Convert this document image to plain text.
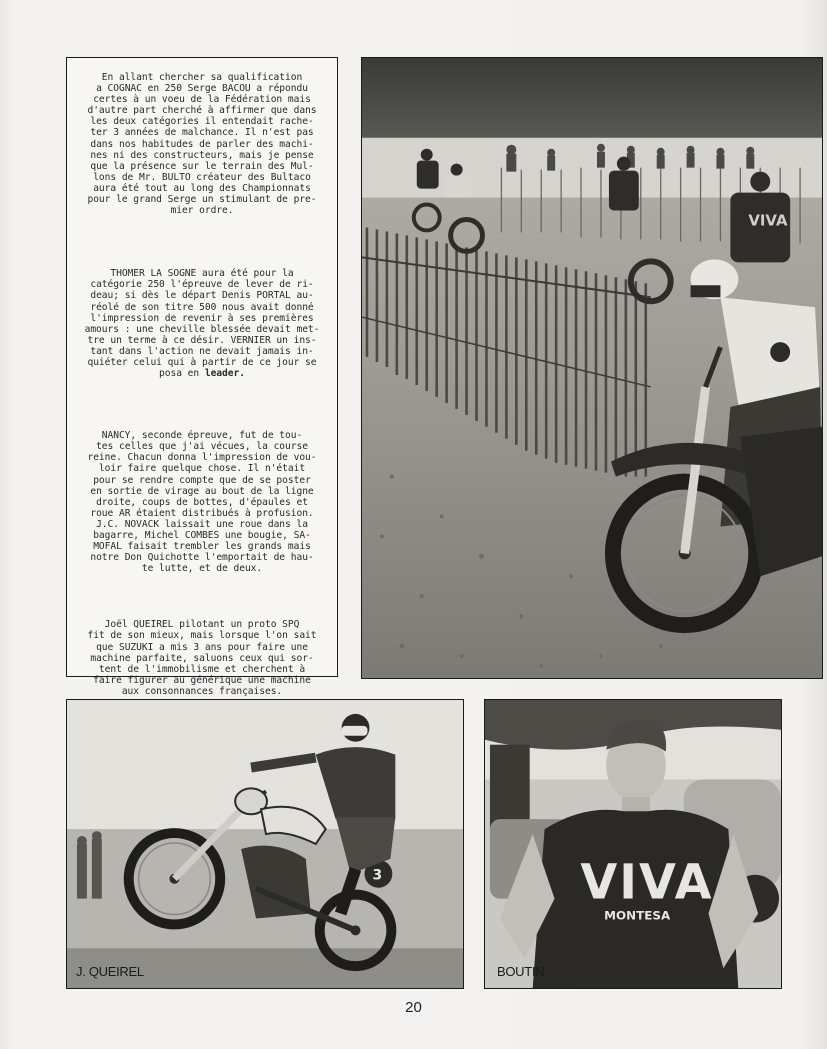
En allant chercher sa qualification
a COGNAC en 250 Serge BACOU a répondu
certes à un voeu de la Fédération mais
d'autre part cherché à affirmer que dans
les deux catégories il entendait rache-
ter 3 années de malchance. Il n'est pas
dans nos habitudes de parler des machi-
nes ni des constructeurs, mais je pense
que la présence sur le terrain des Mul-
lons de Mr. BULTO créateur des Bultaco
aura été tout au long des Championnats
pour le grand Serge un stimulant de pre-
mier ordre.

THOMER LA SOGNE aura été pour la
catégorie 250 l'épreuve de lever de ri-
deau; si dès le départ Denis PORTAL au-
réolé de son titre 500 nous avait donné
l'impression de revenir à ses premières
amours : une cheville blessée devait met-
tre un terme à ce désir. VERNIER un ins-
tant dans l'action ne devait jamais in-
quiéter celui qui à partir de ce jour se
posa en leader.

NANCY, seconde épreuve, fut de tou-
tes celles que j'ai vécues, la course
reine. Chacun donna l'impression de vou-
loir faire quelque chose. Il n'était
pour se rendre compte que de se poster
en sortie de virage au bout de la ligne
droite, coups de bottes, d'épaules et
roue AR étaient distribués à profusion.
J.C. NOVACK laissait une roue dans la
bagarre, Michel COMBES une bougie, SA-
MOFAL faisait trembler les grands mais
notre Don Quichotte l'emportait de hau-
te lutte, et de deux.

Joël QUEIREL pilotant un proto SPQ
fit de son mieux, mais lorsque l'on sait
que SUZUKI a mis 3 ans pour faire une
machine parfaite, saluons ceux qui sor-
tent de l'immobilisme et cherchent à
faire figurer au générique une machine
aux consonnances françaises.

VIVA
3	VIVA
MONTESA
J. QUEIREL	BOUTIN
20
